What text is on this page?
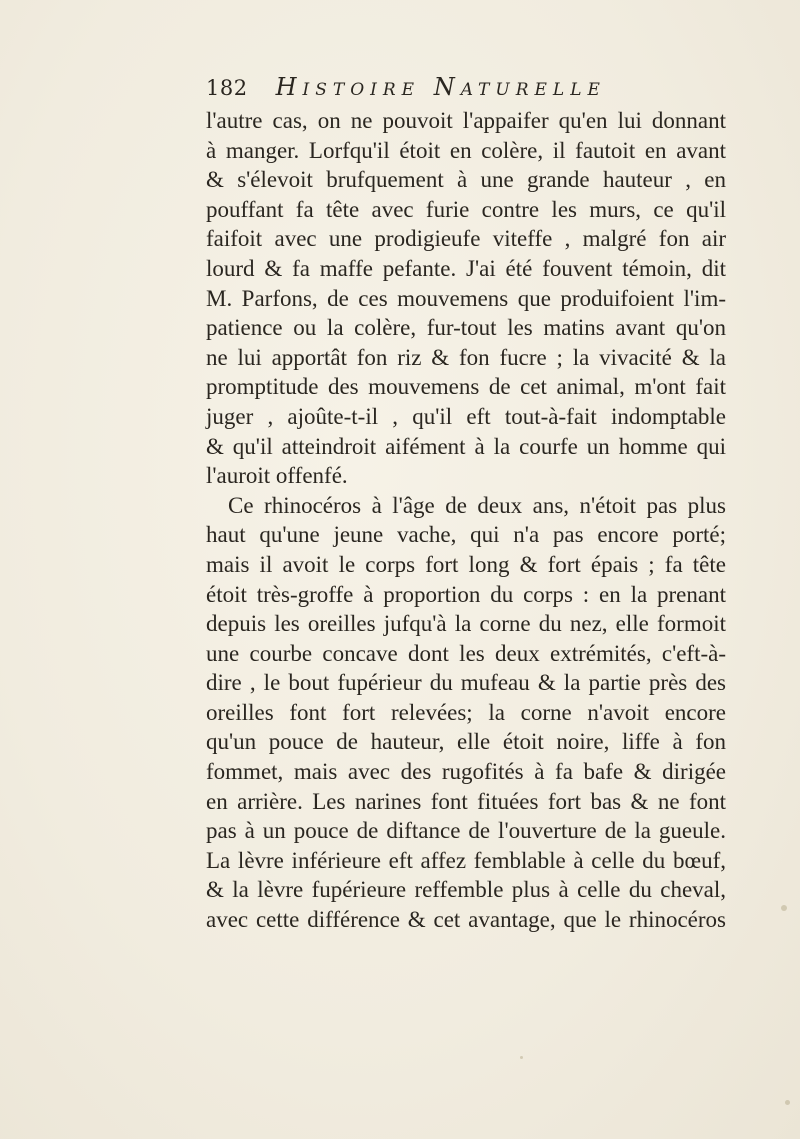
182 Histoire Naturelle
l'autre cas, on ne pouvoit l'appaifer qu'en lui donnant
à manger. Lorfqu'il étoit en colère, il fautoit en avant
& s'élevoit brufquement à une grande hauteur , en
pouffant fa tête avec furie contre les murs, ce qu'il
faifoit avec une prodigieufe viteffe , malgré fon air
lourd & fa maffe pefante. J'ai été fouvent témoin, dit
M. Parfons, de ces mouvemens que produifoient l'im-
patience ou la colère, fur-tout les matins avant qu'on
ne lui apportât fon riz & fon fucre ; la vivacité & la
promptitude des mouvemens de cet animal, m'ont fait
juger , ajoûte-t-il , qu'il eft tout-à-fait indomptable
& qu'il atteindroit aifément à la courfe un homme qui
l'auroit offenfé.
Ce rhinocéros à l'âge de deux ans, n'étoit pas plus
haut qu'une jeune vache, qui n'a pas encore porté;
mais il avoit le corps fort long & fort épais ; fa tête
étoit très-groffe à proportion du corps : en la prenant
depuis les oreilles jufqu'à la corne du nez, elle formoit
une courbe concave dont les deux extrémités, c'eft-à-
dire , le bout fupérieur du mufeau & la partie près des
oreilles font fort relevées; la corne n'avoit encore
qu'un pouce de hauteur, elle étoit noire, liffe à fon
fommet, mais avec des rugofités à fa bafe & dirigée
en arrière. Les narines font fituées fort bas & ne font
pas à un pouce de diftance de l'ouverture de la gueule.
La lèvre inférieure eft affez femblable à celle du bœuf,
& la lèvre fupérieure reffemble plus à celle du cheval,
avec cette différence & cet avantage, que le rhinocéros
